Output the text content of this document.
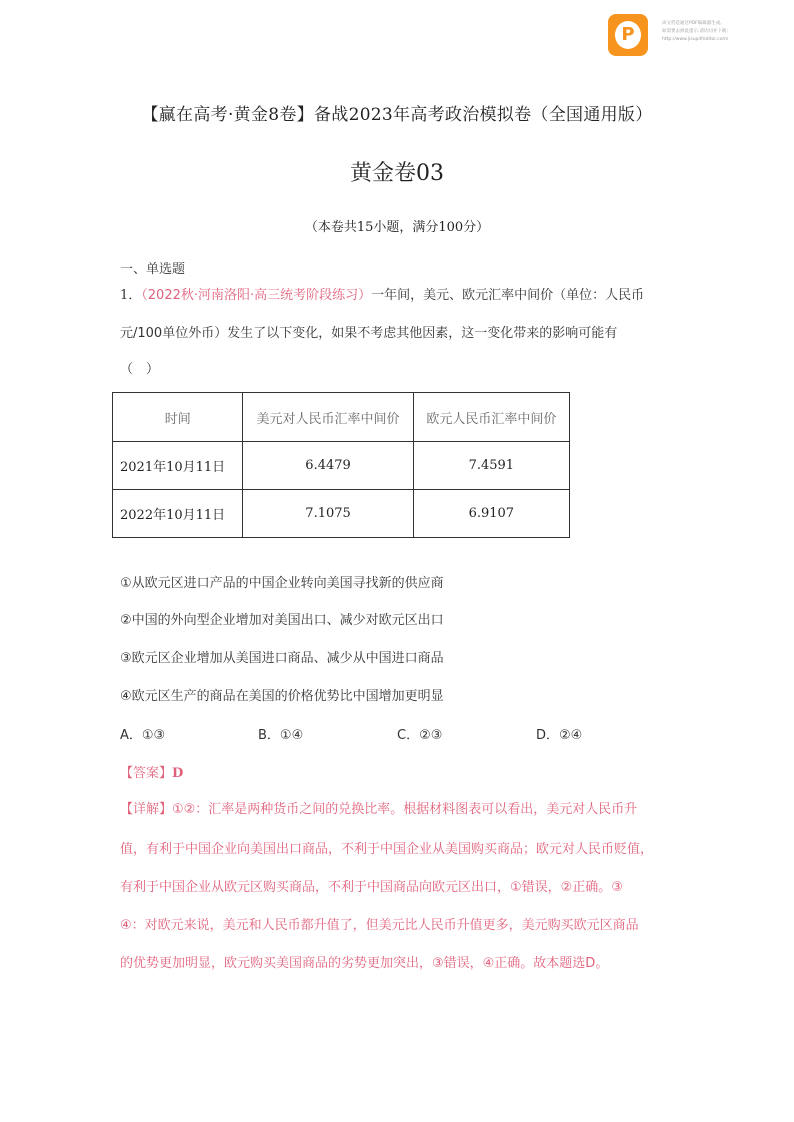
P
该文档是通过PDF编辑器生成,
如需要去掉此提示,请访问并下载:
http://www.jisupdfeditor.com/
【赢在高考·黄金8卷】备战2023年高考政治模拟卷（全国通用版）
黄金卷03
（本卷共15小题，满分100分）
一、单选题
1．（2022秋·河南洛阳·高三统考阶段练习）一年间，美元、欧元汇率中间价（单位：人民币
元/100单位外币）发生了以下变化，如果不考虑其他因素，这一变化带来的影响可能有
（　）
时间	美元对人民币汇率中间价	欧元人民币汇率中间价
2021年10月11日	6.4479	7.4591
2022年10月11日	7.1075	6.9107
①从欧元区进口产品的中国企业转向美国寻找新的供应商
②中国的外向型企业增加对美国出口、减少对欧元区出口
③欧元区企业增加从美国进口商品、减少从中国进口商品
④欧元区生产的商品在美国的价格优势比中国增加更明显
A．①③	B．①④	C．②③	D．②④
【答案】D
【详解】①②：汇率是两种货币之间的兑换比率。根据材料图表可以看出，美元对人民币升
值，有利于中国企业向美国出口商品，不利于中国企业从美国购买商品；欧元对人民币贬值，
有利于中国企业从欧元区购买商品，不利于中国商品向欧元区出口，①错误，②正确。③
④：对欧元来说，美元和人民币都升值了，但美元比人民币升值更多，美元购买欧元区商品
的优势更加明显，欧元购买美国商品的劣势更加突出，③错误，④正确。故本题选D。
